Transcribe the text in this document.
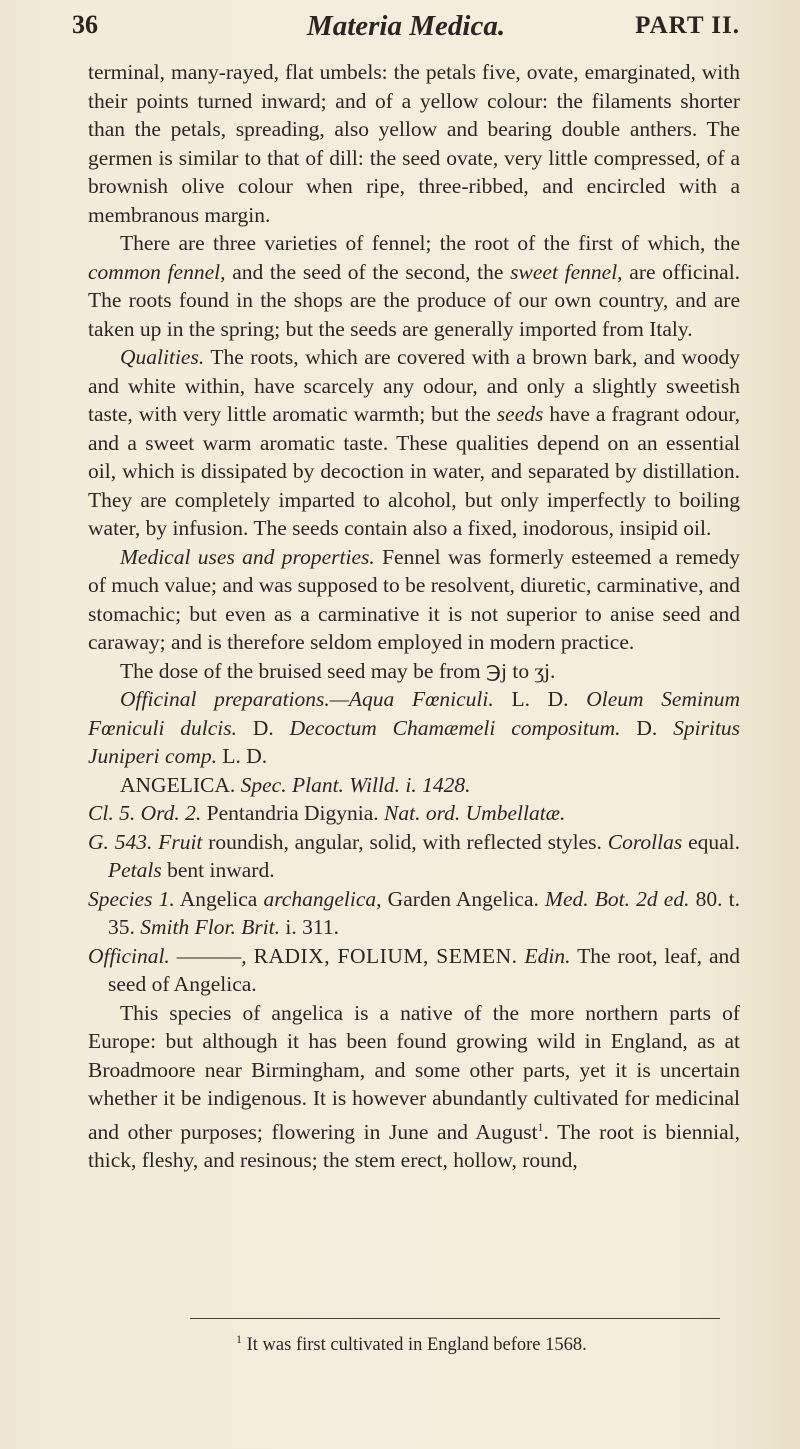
36	Materia Medica.	PART II.

terminal, many-rayed, flat umbels: the petals five, ovate, emarginated, with their points turned inward; and of a yellow colour: the filaments shorter than the petals, spreading, also yellow and bearing double anthers. The germen is similar to that of dill: the seed ovate, very little compressed, of a brownish olive colour when ripe, three-ribbed, and encircled with a membranous margin.

There are three varieties of fennel; the root of the first of which, the common fennel, and the seed of the second, the sweet fennel, are officinal. The roots found in the shops are the produce of our own country, and are taken up in the spring; but the seeds are generally imported from Italy.

Qualities. The roots, which are covered with a brown bark, and woody and white within, have scarcely any odour, and only a slightly sweetish taste, with very little aromatic warmth; but the seeds have a fragrant odour, and a sweet warm aromatic taste. These qualities depend on an essential oil, which is dissipated by decoction in water, and separated by distillation. They are completely imparted to alcohol, but only imperfectly to boiling water, by infusion. The seeds contain also a fixed, inodorous, insipid oil.

Medical uses and properties. Fennel was formerly esteemed a remedy of much value; and was supposed to be resolvent, diuretic, carminative, and stomachic; but even as a carminative it is not superior to anise seed and caraway; and is therefore seldom employed in modern practice.

The dose of the bruised seed may be from ℈j to ʒj.

Officinal preparations.—Aqua Fœniculi. L. D. Oleum Seminum Fœniculi dulcis. D. Decoctum Chamæmeli compositum. D. Spiritus Juniperi comp. L. D.

ANGELICA. Spec. Plant. Willd. i. 1428.

Cl. 5. Ord. 2. Pentandria Digynia. Nat. ord. Umbellatæ.

G. 543. Fruit roundish, angular, solid, with reflected styles. Corollas equal. Petals bent inward.

Species 1. Angelica archangelica, Garden Angelica. Med. Bot. 2d ed. 80. t. 35. Smith Flor. Brit. i. 311.

Officinal. ———, RADIX, FOLIUM, SEMEN. Edin. The root, leaf, and seed of Angelica.

This species of angelica is a native of the more northern parts of Europe: but although it has been found growing wild in England, as at Broadmoore near Birmingham, and some other parts, yet it is uncertain whether it be indigenous. It is however abundantly cultivated for medicinal and other purposes; flowering in June and August$^1$. The root is biennial, thick, fleshy, and resinous; the stem erect, hollow, round,

$^1$ It was first cultivated in England before 1568.
